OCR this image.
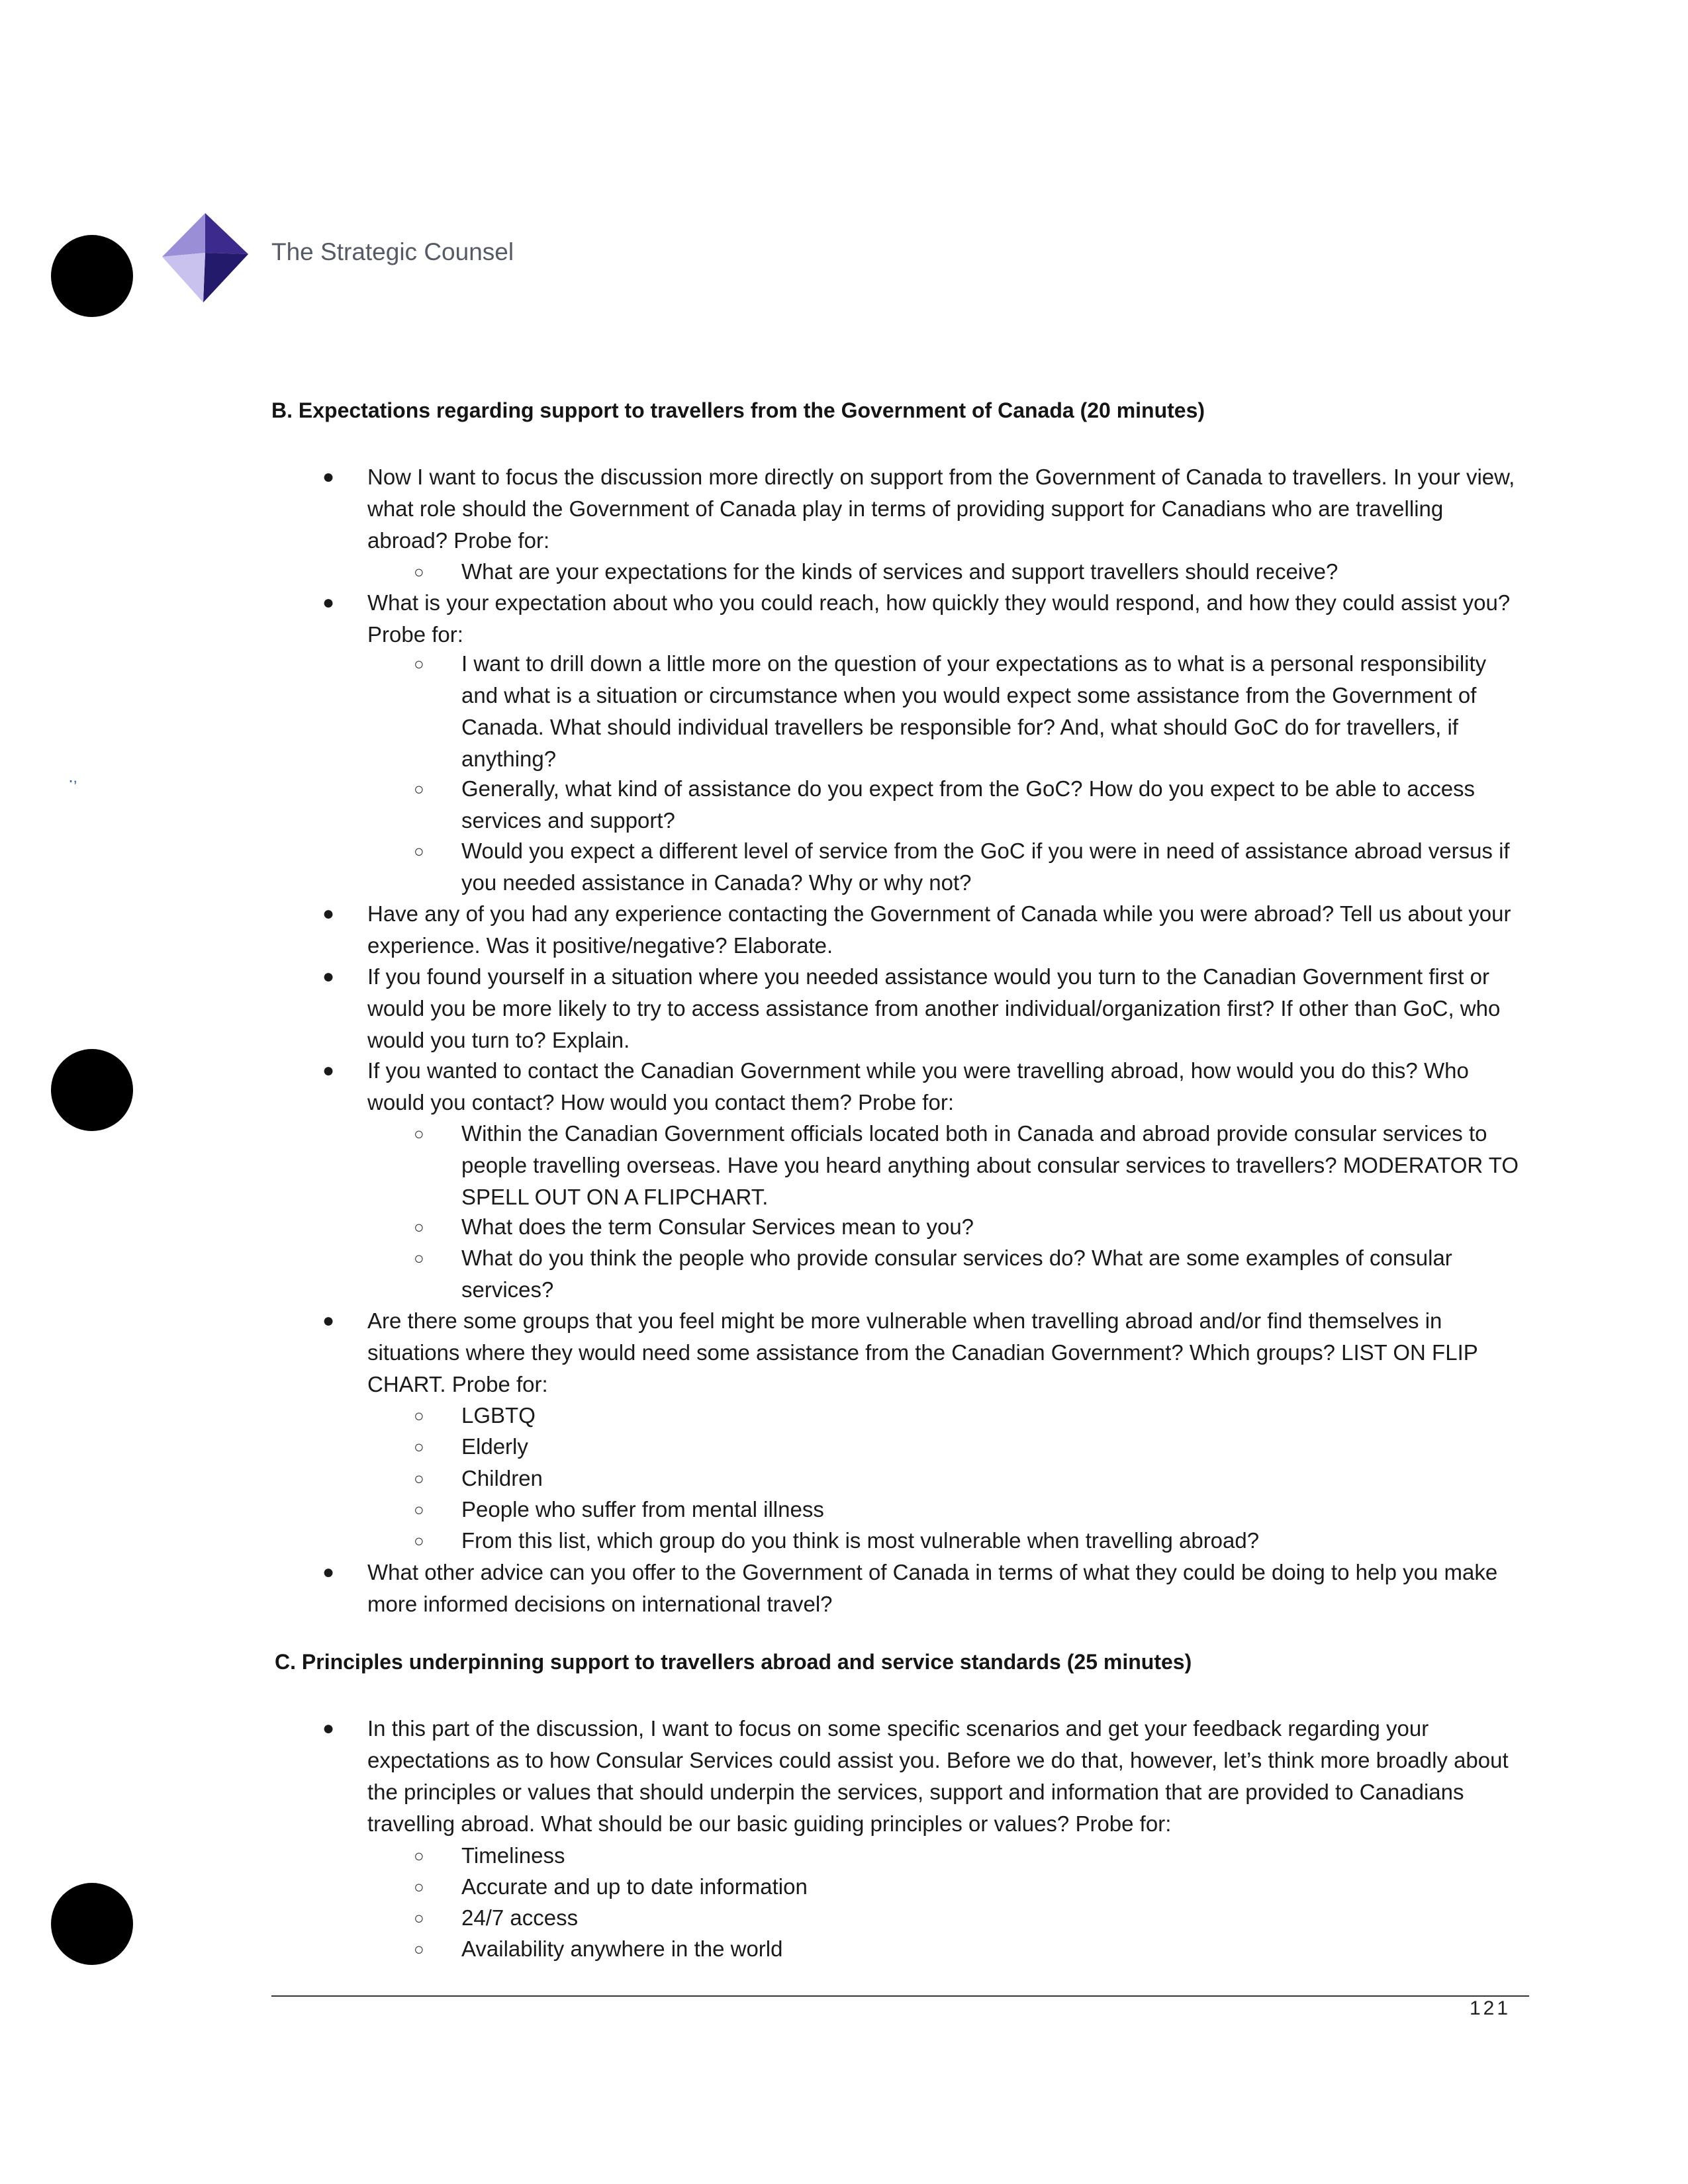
The Strategic Counsel
․‚
B. Expectations regarding support to travellers from the Government of Canada (20 minutes)
● Now I want to focus the discussion more directly on support from the Government of Canada to travellers. In your view, what role should the Government of Canada play in terms of providing support for Canadians who are travelling abroad? Probe for:
○ What are your expectations for the kinds of services and support travellers should receive?
● What is your expectation about who you could reach, how quickly they would respond, and how they could assist you? Probe for:
○ I want to drill down a little more on the question of your expectations as to what is a personal responsibility and what is a situation or circumstance when you would expect some assistance from the Government of Canada. What should individual travellers be responsible for? And, what should GoC do for travellers, if anything?
○ Generally, what kind of assistance do you expect from the GoC? How do you expect to be able to access services and support?
○ Would you expect a different level of service from the GoC if you were in need of assistance abroad versus if you needed assistance in Canada? Why or why not?
● Have any of you had any experience contacting the Government of Canada while you were abroad? Tell us about your experience. Was it positive/negative? Elaborate.
● If you found yourself in a situation where you needed assistance would you turn to the Canadian Government first or would you be more likely to try to access assistance from another individual/organization first? If other than GoC, who would you turn to? Explain.
● If you wanted to contact the Canadian Government while you were travelling abroad, how would you do this? Who would you contact? How would you contact them? Probe for:
○ Within the Canadian Government officials located both in Canada and abroad provide consular services to people travelling overseas. Have you heard anything about consular services to travellers? MODERATOR TO SPELL OUT ON A FLIPCHART.
○ What does the term Consular Services mean to you?
○ What do you think the people who provide consular services do? What are some examples of consular services?
● Are there some groups that you feel might be more vulnerable when travelling abroad and/or find themselves in situations where they would need some assistance from the Canadian Government? Which groups? LIST ON FLIP CHART. Probe for:
○ LGBTQ
○ Elderly
○ Children
○ People who suffer from mental illness
○ From this list, which group do you think is most vulnerable when travelling abroad?
● What other advice can you offer to the Government of Canada in terms of what they could be doing to help you make more informed decisions on international travel?
C. Principles underpinning support to travellers abroad and service standards (25 minutes)
● In this part of the discussion, I want to focus on some specific scenarios and get your feedback regarding your expectations as to how Consular Services could assist you. Before we do that, however, let’s think more broadly about the principles or values that should underpin the services, support and information that are provided to Canadians travelling abroad. What should be our basic guiding principles or values? Probe for:
○ Timeliness
○ Accurate and up to date information
○ 24/7 access
○ Availability anywhere in the world
121
